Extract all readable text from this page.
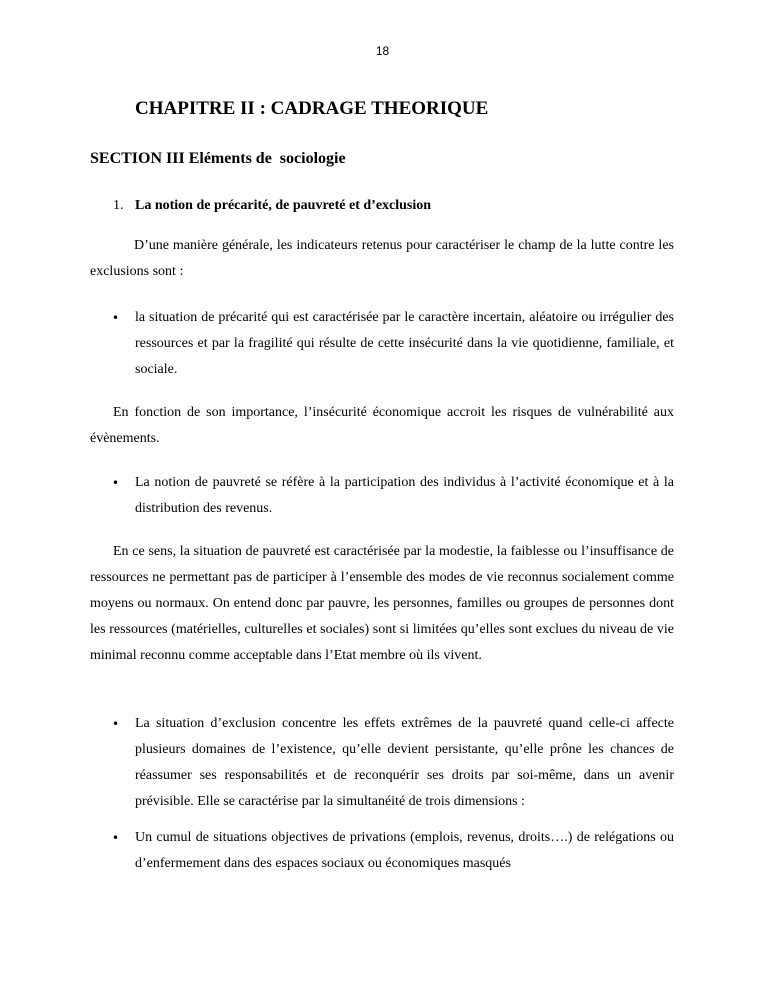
18
CHAPITRE II : CADRAGE THEORIQUE
SECTION III Eléments de  sociologie
1. La notion de précarité, de pauvreté et d’exclusion

D’une manière générale, les indicateurs retenus pour caractériser le champ de la lutte contre les exclusions sont :

•	la situation de précarité qui est caractérisée par le caractère incertain, aléatoire ou irrégulier des ressources et par la fragilité qui résulte de cette insécurité dans la vie quotidienne, familiale, et sociale.

En fonction de son importance, l’insécurité économique accroit les risques de vulnérabilité aux évènements.

•	La notion de pauvreté se réfère à la participation des individus à l’activité économique et à la distribution des revenus.

En ce sens, la situation de pauvreté est caractérisée par la modestie, la faiblesse ou l’insuffisance de ressources ne permettant pas de participer à l’ensemble des modes de vie reconnus socialement comme moyens ou normaux. On entend donc par pauvre, les personnes, familles ou groupes de personnes dont les ressources (matérielles, culturelles et sociales) sont si limitées qu’elles sont exclues du niveau de vie minimal reconnu comme acceptable dans l’Etat membre où ils vivent.

•	La situation d’exclusion concentre les effets extrêmes de la pauvreté quand celle-ci affecte plusieurs domaines de l’existence, qu’elle devient persistante, qu’elle prône les chances de réassumer ses responsabilités et de reconquérir ses droits par soi-même, dans un avenir prévisible. Elle se caractérise par la simultanéité de trois dimensions :
•	Un cumul de situations objectives de privations (emplois, revenus, droits….) de relégations ou d’enfermement dans des espaces sociaux ou économiques masqués
